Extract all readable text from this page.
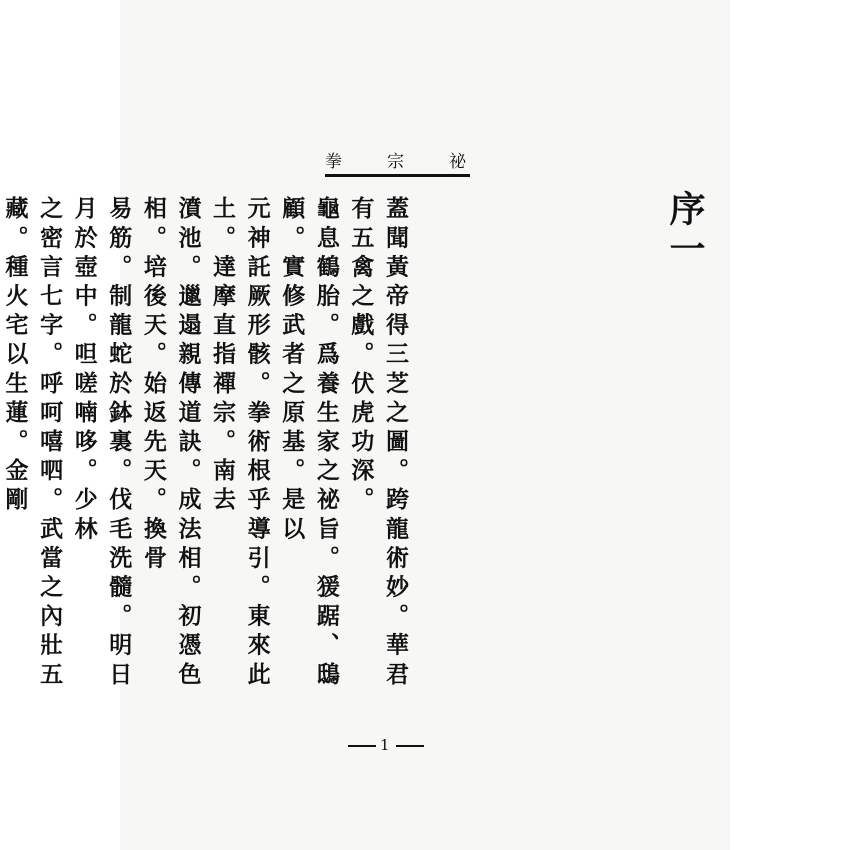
拳	宗	祕
序一
蓋聞黃帝得三芝之圖。跨龍術妙。華君有五禽之戲。伏虎功深。
龜息鶴胎。爲養生家之祕旨。猨踞、鴟顧。實修武者之原基。是以
元神託厥形骸。拳術根乎導引。東來此土。達摩直指禪宗。南去
濆池。邋遢親傳道訣。成法相。初憑色相。培後天。始返先天。換骨
易筋。制龍蛇於鉢裏。伐毛洗髓。明日月於壺中。呾嗟喃哆。少林
之密言七字。呼呵嘻呬。武當之內壯五藏。種火宅以生蓮。金剛
1
